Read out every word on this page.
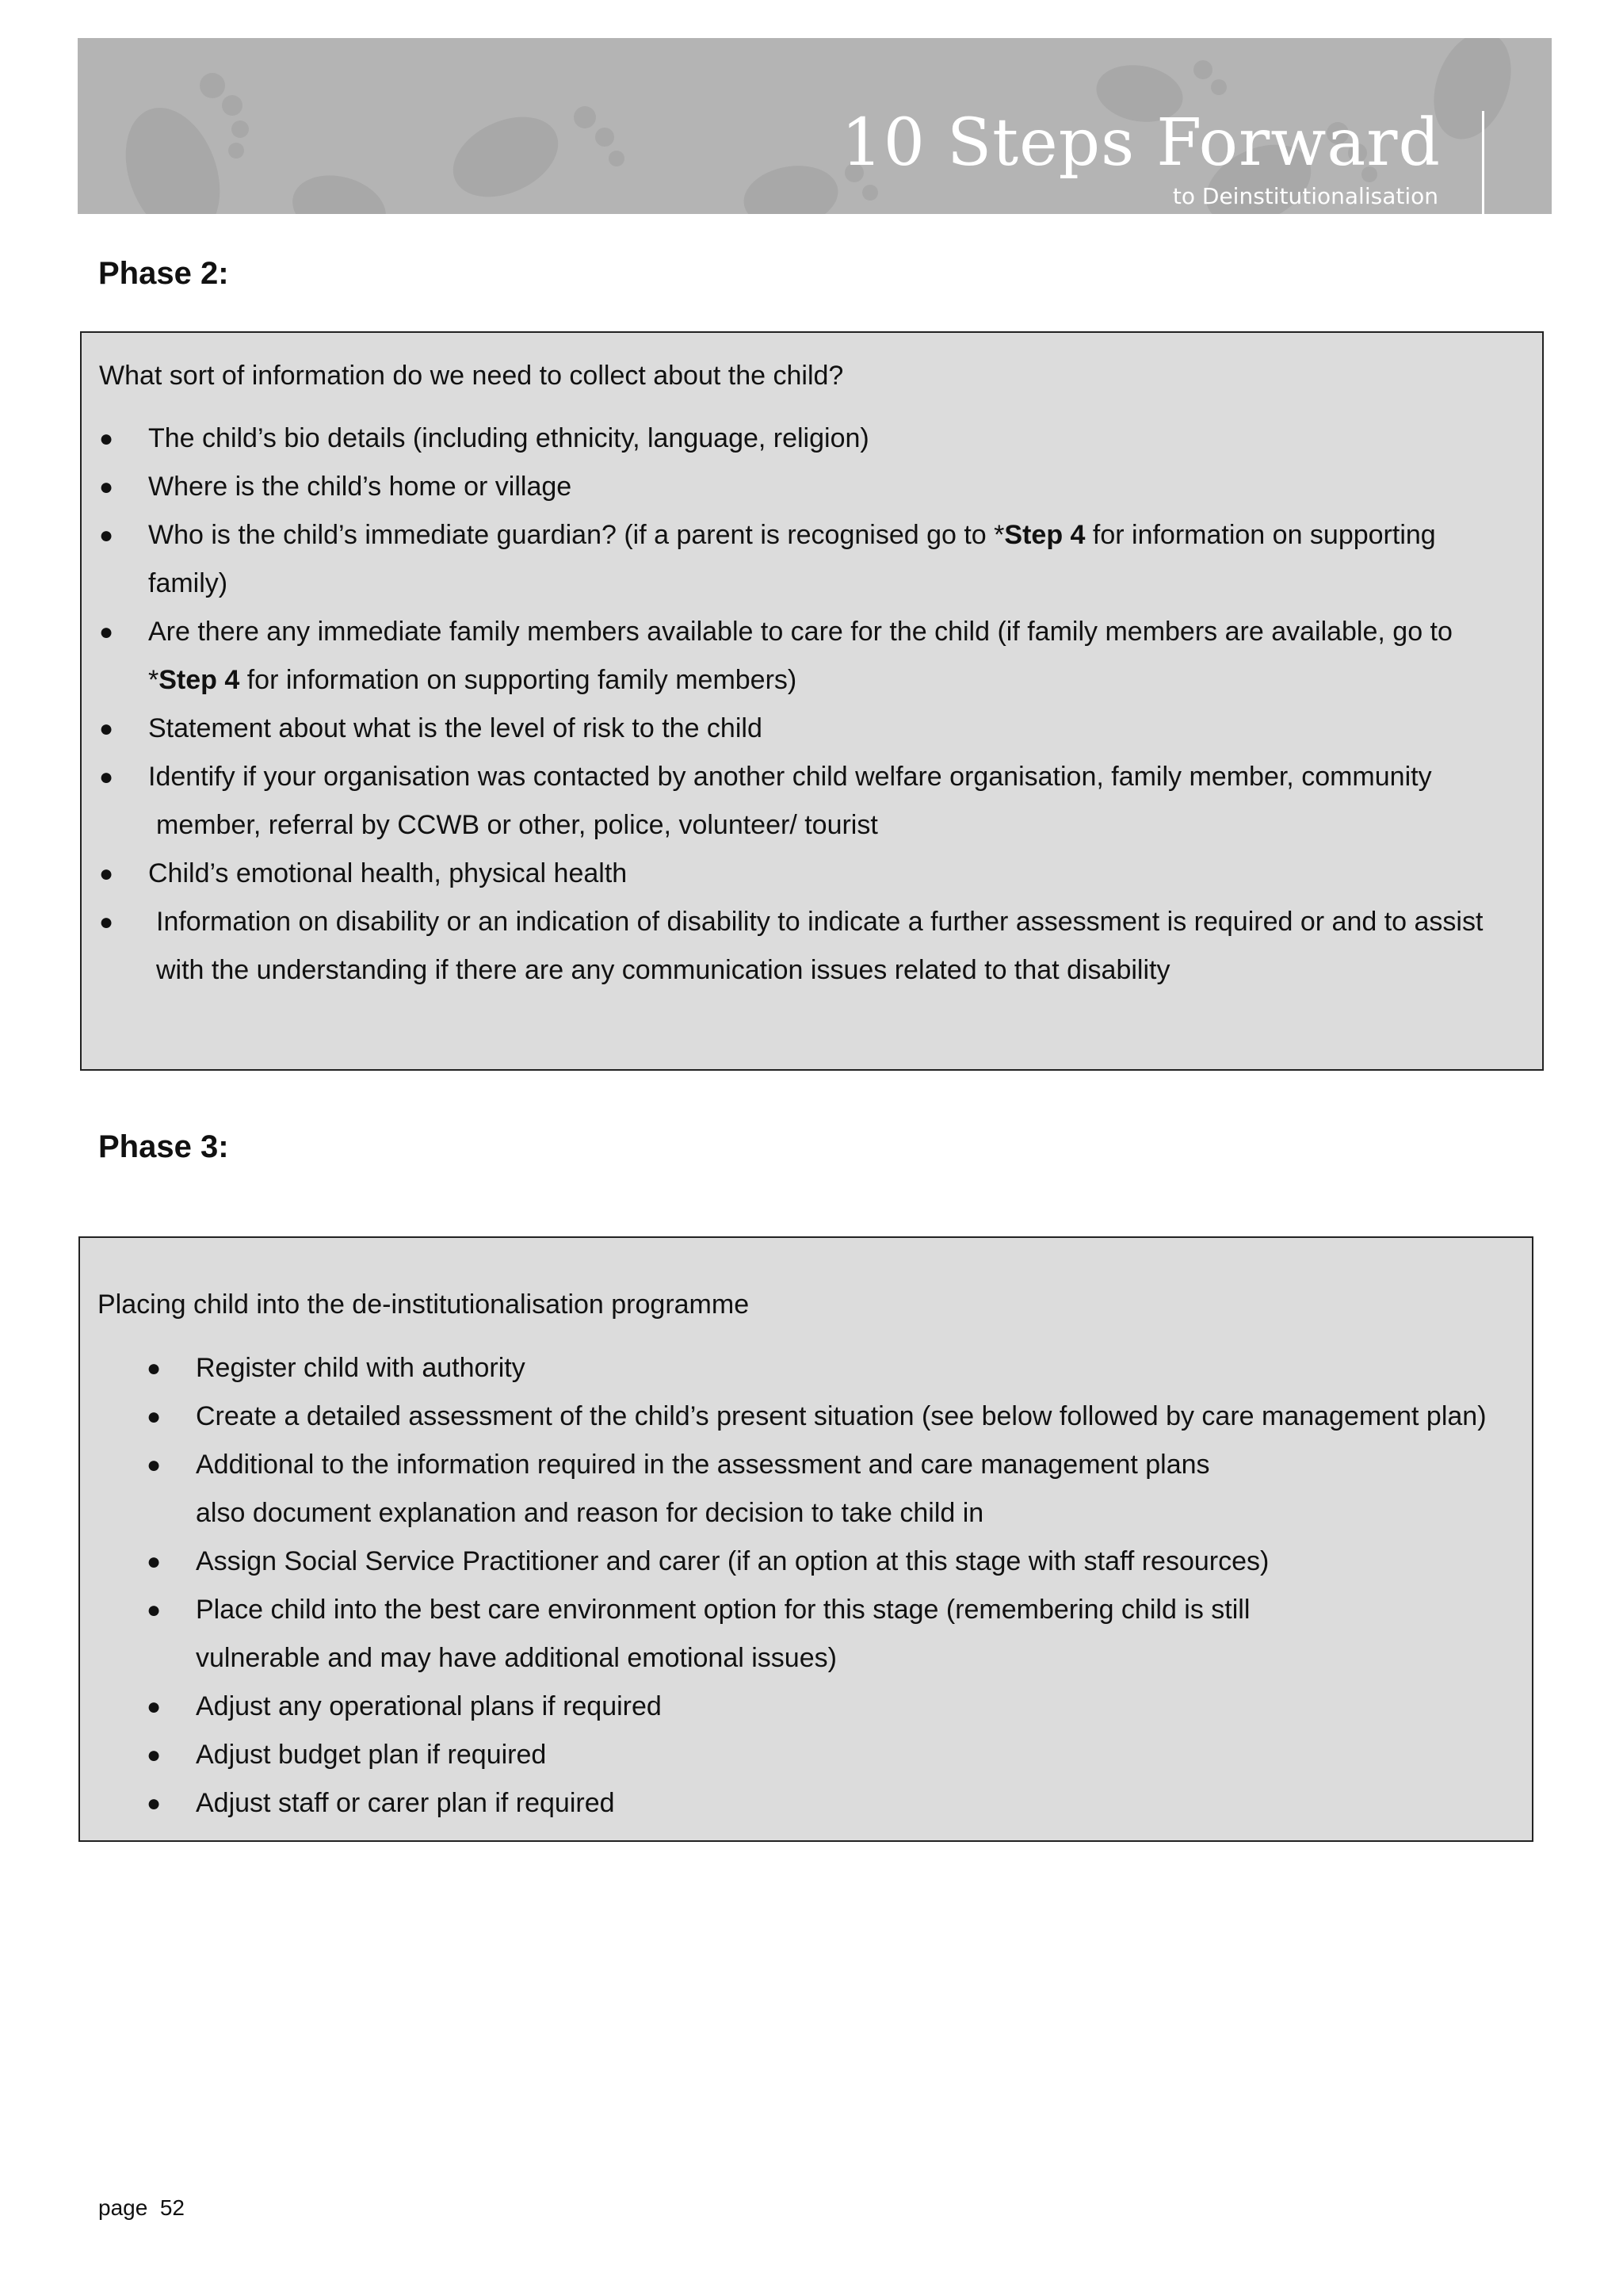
10 Steps Forward
to Deinstitutionalisation
Phase 2:
What sort of information do we need to collect about the child?
● The child’s bio details (including ethnicity, language, religion)
● Where is the child’s home or village
● Who is the child’s immediate guardian? (if a parent is recognised go to *Step 4 for information on supporting
family)
● Are there any immediate family members available to care for the child (if family members are available, go to
*Step 4 for information on supporting family members)
● Statement about what is the level of risk to the child
● Identify if your organisation was contacted by another child welfare organisation, family member, community
member, referral by CCWB or other, police, volunteer/ tourist
● Child’s emotional health, physical health
● Information on disability or an indication of disability to indicate a further assessment is required or and to assist
with the understanding if there are any communication issues related to that disability
Phase 3:
Placing child into the de-institutionalisation programme
● Register child with authority
● Create a detailed assessment of the child’s present situation (see below followed by care management plan)
● Additional to the information required in the assessment and care management plans
also document explanation and reason for decision to take child in
● Assign Social Service Practitioner and carer (if an option at this stage with staff resources)
● Place child into the best care environment option for this stage (remembering child is still
vulnerable and may have additional emotional issues)
● Adjust any operational plans if required
● Adjust budget plan if required
● Adjust staff or carer plan if required
page  52
